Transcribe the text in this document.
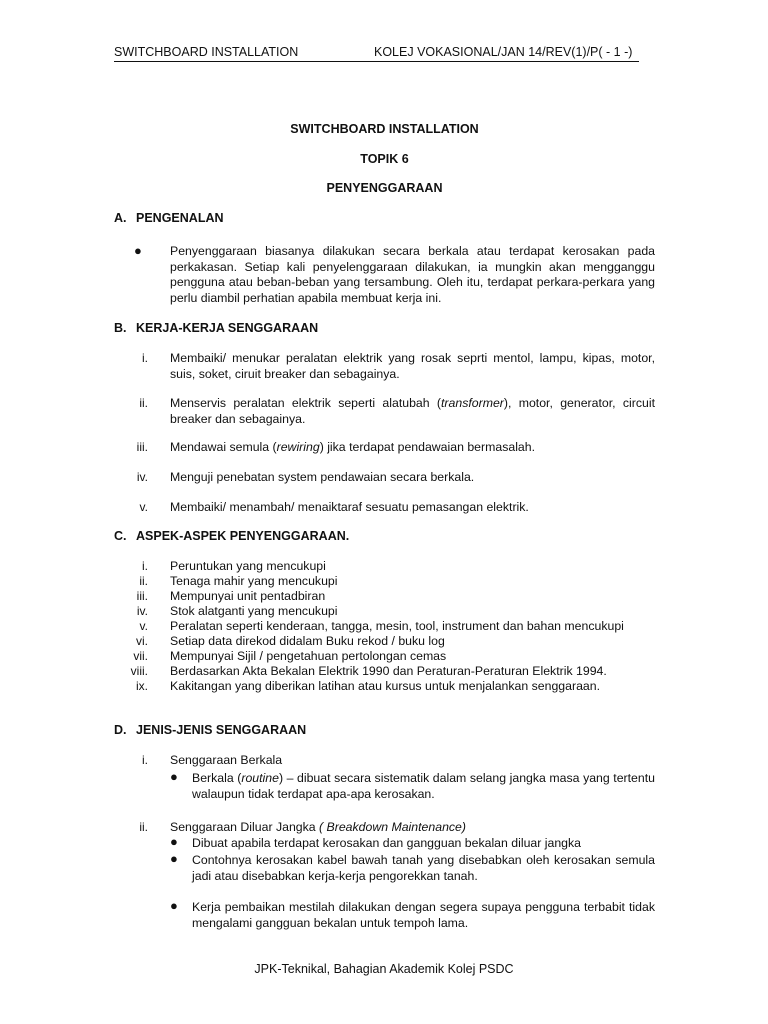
SWITCHBOARD INSTALLATION	KOLEJ VOKASIONAL/JAN 14/REV(1)/P( - 1 -)
SWITCHBOARD INSTALLATION
TOPIK 6
PENYENGGARAAN
A. PENGENALAN
● Penyenggaraan biasanya dilakukan secara berkala atau terdapat kerosakan pada perkakasan. Setiap kali penyelenggaraan dilakukan, ia mungkin akan mengganggu pengguna atau beban-beban yang tersambung. Oleh itu, terdapat perkara-perkara yang perlu diambil perhatian apabila membuat kerja ini.
B. KERJA-KERJA SENGGARAAN
i. Membaiki/ menukar peralatan elektrik yang rosak seprti mentol, lampu, kipas, motor, suis, soket, ciruit breaker dan sebagainya.
ii. Menservis peralatan elektrik seperti alatubah (transformer), motor, generator, circuit breaker dan sebagainya.
iii. Mendawai semula (rewiring) jika terdapat pendawaian bermasalah.
iv. Menguji penebatan system pendawaian secara berkala.
v. Membaiki/ menambah/ menaiktaraf sesuatu pemasangan elektrik.
C. ASPEK-ASPEK PENYENGGARAAN.
i. Peruntukan yang mencukupi
ii. Tenaga mahir yang mencukupi
iii. Mempunyai unit pentadbiran
iv. Stok alatganti yang mencukupi
v. Peralatan seperti kenderaan, tangga, mesin, tool, instrument dan bahan mencukupi
vi. Setiap data direkod didalam Buku rekod / buku log
vii. Mempunyai Sijil / pengetahuan pertolongan cemas
viii. Berdasarkan Akta Bekalan Elektrik 1990 dan Peraturan-Peraturan Elektrik 1994.
ix. Kakitangan yang diberikan latihan atau kursus untuk menjalankan senggaraan.
D. JENIS-JENIS SENGGARAAN
i. Senggaraan Berkala
● Berkala (routine) – dibuat secara sistematik dalam selang jangka masa yang tertentu walaupun tidak terdapat apa-apa kerosakan.
ii. Senggaraan Diluar Jangka ( Breakdown Maintenance)
● Dibuat apabila terdapat kerosakan dan gangguan bekalan diluar jangka
● Contohnya kerosakan kabel bawah tanah yang disebabkan oleh kerosakan semula jadi atau disebabkan kerja-kerja pengorekkan tanah.
● Kerja pembaikan mestilah dilakukan dengan segera supaya pengguna terbabit tidak mengalami gangguan bekalan untuk tempoh lama.
JPK-Teknikal, Bahagian Akademik Kolej PSDC
